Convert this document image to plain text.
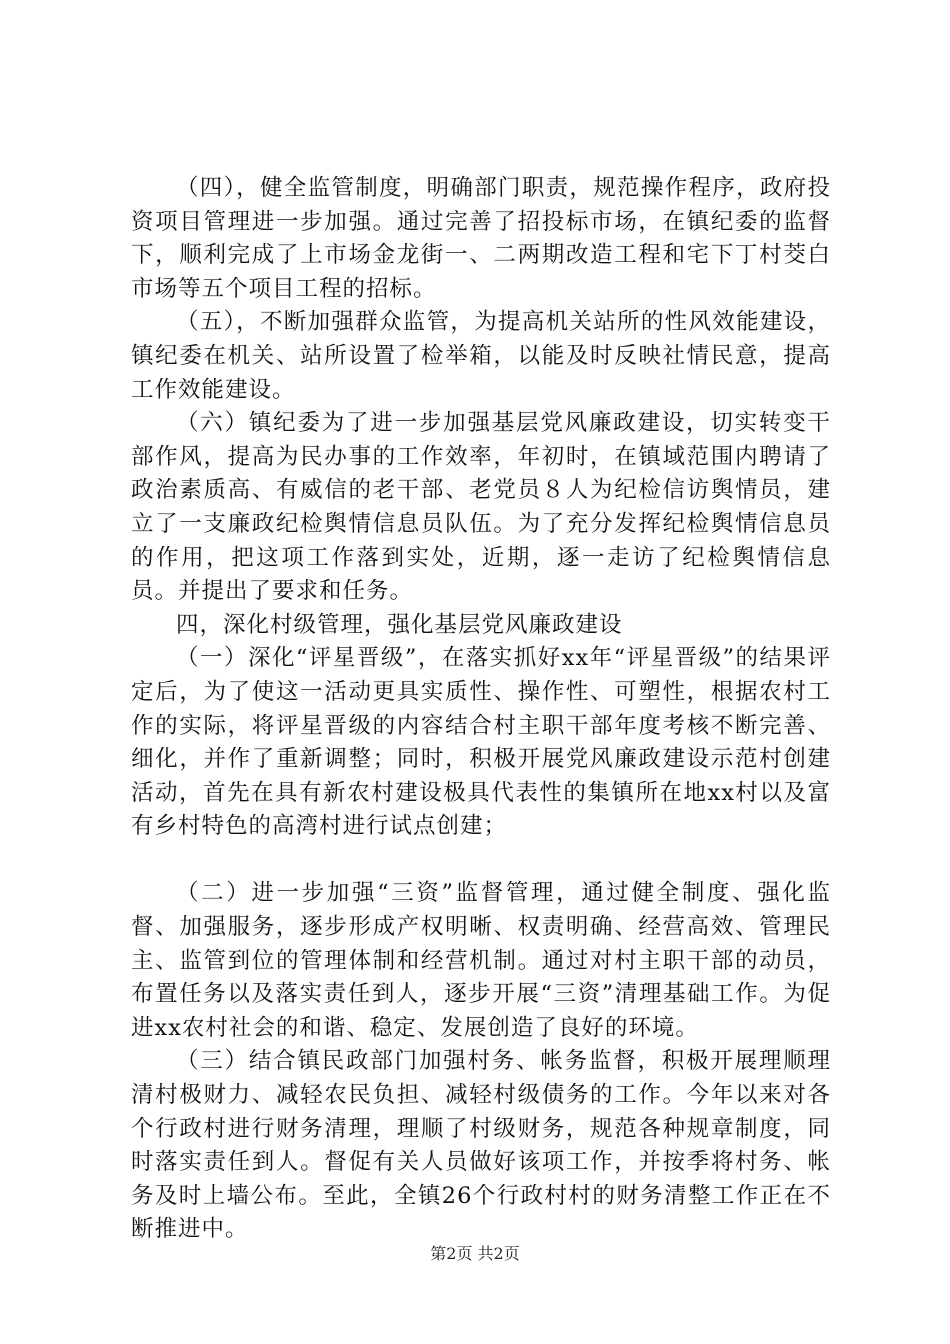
（四），健全监管制度，明确部门职责，规范操作程序，政府投资项目管理进一步加强。通过完善了招投标市场，在镇纪委的监督下，顺利完成了上市场金龙街一、二两期改造工程和宅下丁村茭白市场等五个项目工程的招标。

（五），不断加强群众监管，为提高机关站所的性风效能建设，镇纪委在机关、站所设置了检举箱，以能及时反映社情民意，提高工作效能建设。

（六）镇纪委为了进一步加强基层党风廉政建设，切实转变干部作风，提高为民办事的工作效率，年初时，在镇域范围内聘请了政治素质高、有威信的老干部、老党员８人为纪检信访舆情员，建立了一支廉政纪检舆情信息员队伍。为了充分发挥纪检舆情信息员的作用，把这项工作落到实处，近期，逐一走访了纪检舆情信息员。并提出了要求和任务。

四，深化村级管理，强化基层党风廉政建设

（一）深化“评星晋级”，在落实抓好xx年“评星晋级”的结果评定后，为了使这一活动更具实质性、操作性、可塑性，根据农村工作的实际，将评星晋级的内容结合村主职干部年度考核不断完善、细化，并作了重新调整；同时，积极开展党风廉政建设示范村创建活动，首先在具有新农村建设极具代表性的集镇所在地xx村以及富有乡村特色的高湾村进行试点创建；

（二）进一步加强“三资”监督管理，通过健全制度、强化监督、加强服务，逐步形成产权明晰、权责明确、经营高效、管理民主、监管到位的管理体制和经营机制。通过对村主职干部的动员，布置任务以及落实责任到人，逐步开展“三资”清理基础工作。为促进xx农村社会的和谐、稳定、发展创造了良好的环境。

（三）结合镇民政部门加强村务、帐务监督，积极开展理顺理清村极财力、减轻农民负担、减轻村级债务的工作。今年以来对各个行政村进行财务清理，理顺了村级财务，规范各种规章制度，同时落实责任到人。督促有关人员做好该项工作，并按季将村务、帐务及时上墙公布。至此，全镇26个行政村村的财务清整工作正在不断推进中。

第2页 共2页
